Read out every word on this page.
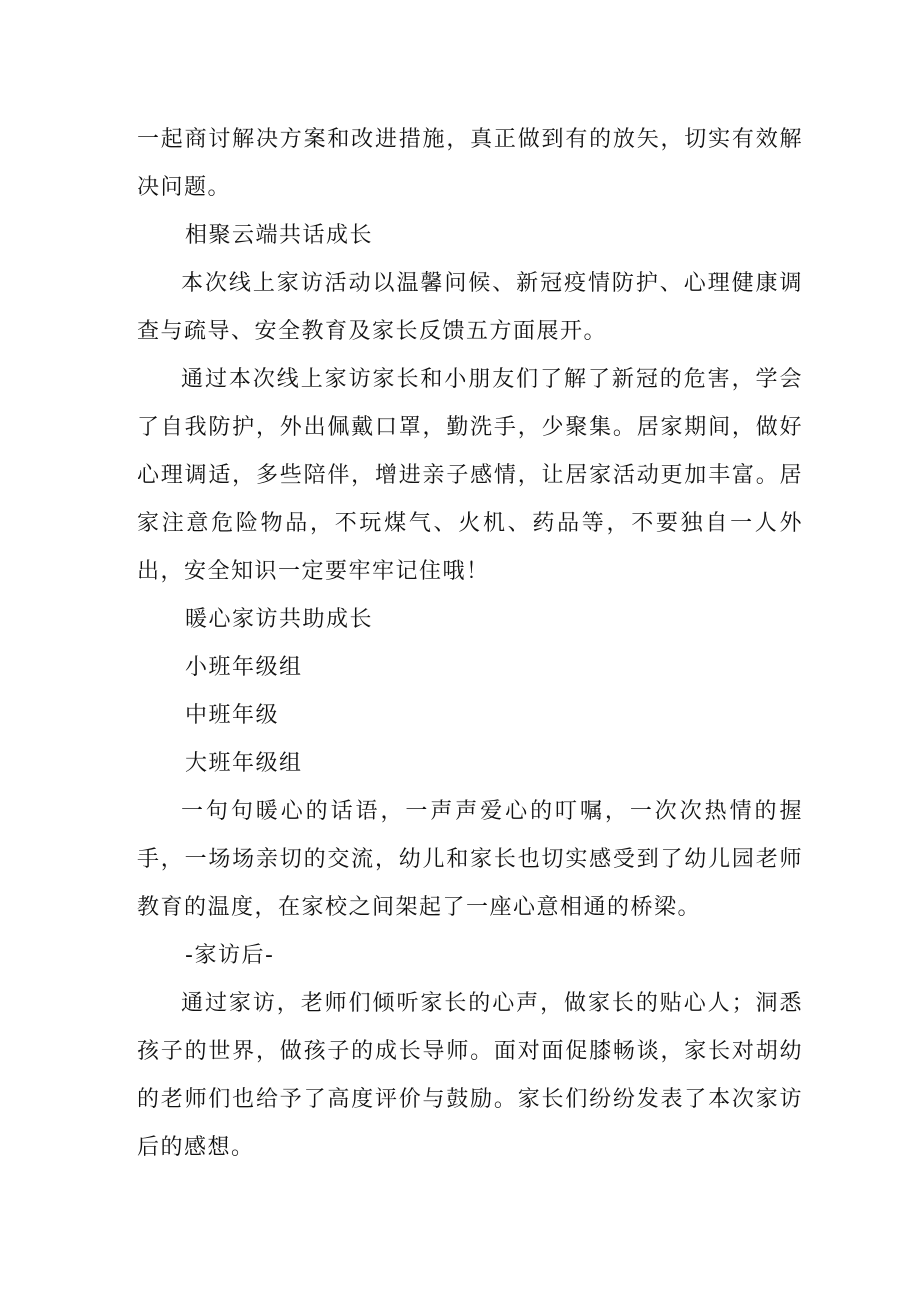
一起商讨解决方案和改进措施，真正做到有的放矢，切实有效解决问题。

相聚云端共话成长

本次线上家访活动以温馨问候、新冠疫情防护、心理健康调查与疏导、安全教育及家长反馈五方面展开。

通过本次线上家访家长和小朋友们了解了新冠的危害，学会了自我防护，外出佩戴口罩，勤洗手，少聚集。居家期间，做好心理调适，多些陪伴，增进亲子感情，让居家活动更加丰富。居家注意危险物品，不玩煤气、火机、药品等，不要独自一人外出，安全知识一定要牢牢记住哦！

暖心家访共助成长

小班年级组

中班年级

大班年级组

一句句暖心的话语，一声声爱心的叮嘱，一次次热情的握手，一场场亲切的交流，幼儿和家长也切实感受到了幼儿园老师教育的温度，在家校之间架起了一座心意相通的桥梁。

-家访后-

通过家访，老师们倾听家长的心声，做家长的贴心人；洞悉孩子的世界，做孩子的成长导师。面对面促膝畅谈，家长对胡幼的老师们也给予了高度评价与鼓励。家长们纷纷发表了本次家访后的感想。
